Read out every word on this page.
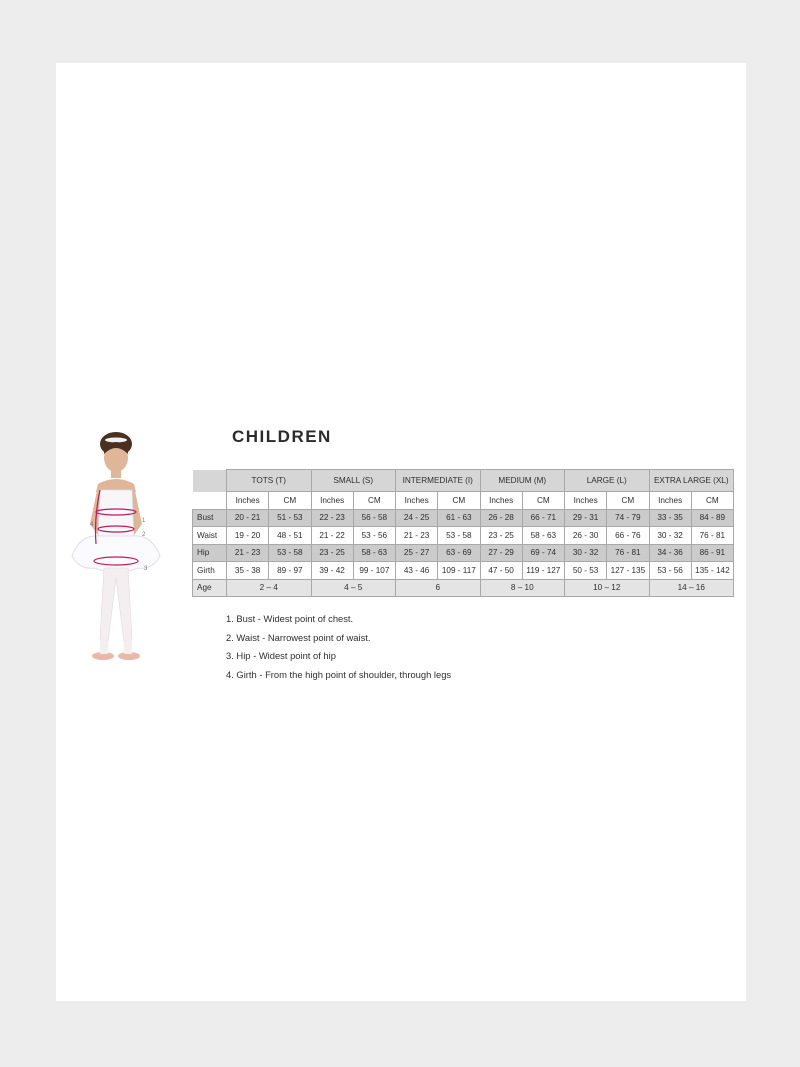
1
2
3
4
CHILDREN
	TOTS (T)		SMALL (S)		INTERMEDIATE (I)		MEDIUM (M)		LARGE (L)		EXTRA LARGE (XL)	
	Inches	CM	Inches	CM	Inches	CM	Inches	CM	Inches	CM	Inches	CM
Bust	20 - 21	51 - 53	22 - 23	56 - 58	24 - 25	61 - 63	26 - 28	66 - 71	29 - 31	74 - 79	33 - 35	84 - 89
Waist	19 - 20	48 - 51	21 - 22	53 - 56	21 - 23	53 - 58	23 - 25	58 - 63	26 - 30	66 - 76	30 - 32	76 - 81
Hip	21 - 23	53 - 58	23 - 25	58 - 63	25 - 27	63 - 69	27 - 29	69 - 74	30 - 32	76 - 81	34 - 36	86 - 91
Girth	35 - 38	89 - 97	39 - 42	99 - 107	43 - 46	109 - 117	47 - 50	119 - 127	50 - 53	127 - 135	53 - 56	135 - 142
Age	2 – 4		4 – 5		6		8 – 10		10 – 12		14 – 16	
1. Bust - Widest point of chest.
2. Waist - Narrowest point of waist.
3. Hip - Widest point of hip
4. Girth - From the high point of shoulder, through legs
